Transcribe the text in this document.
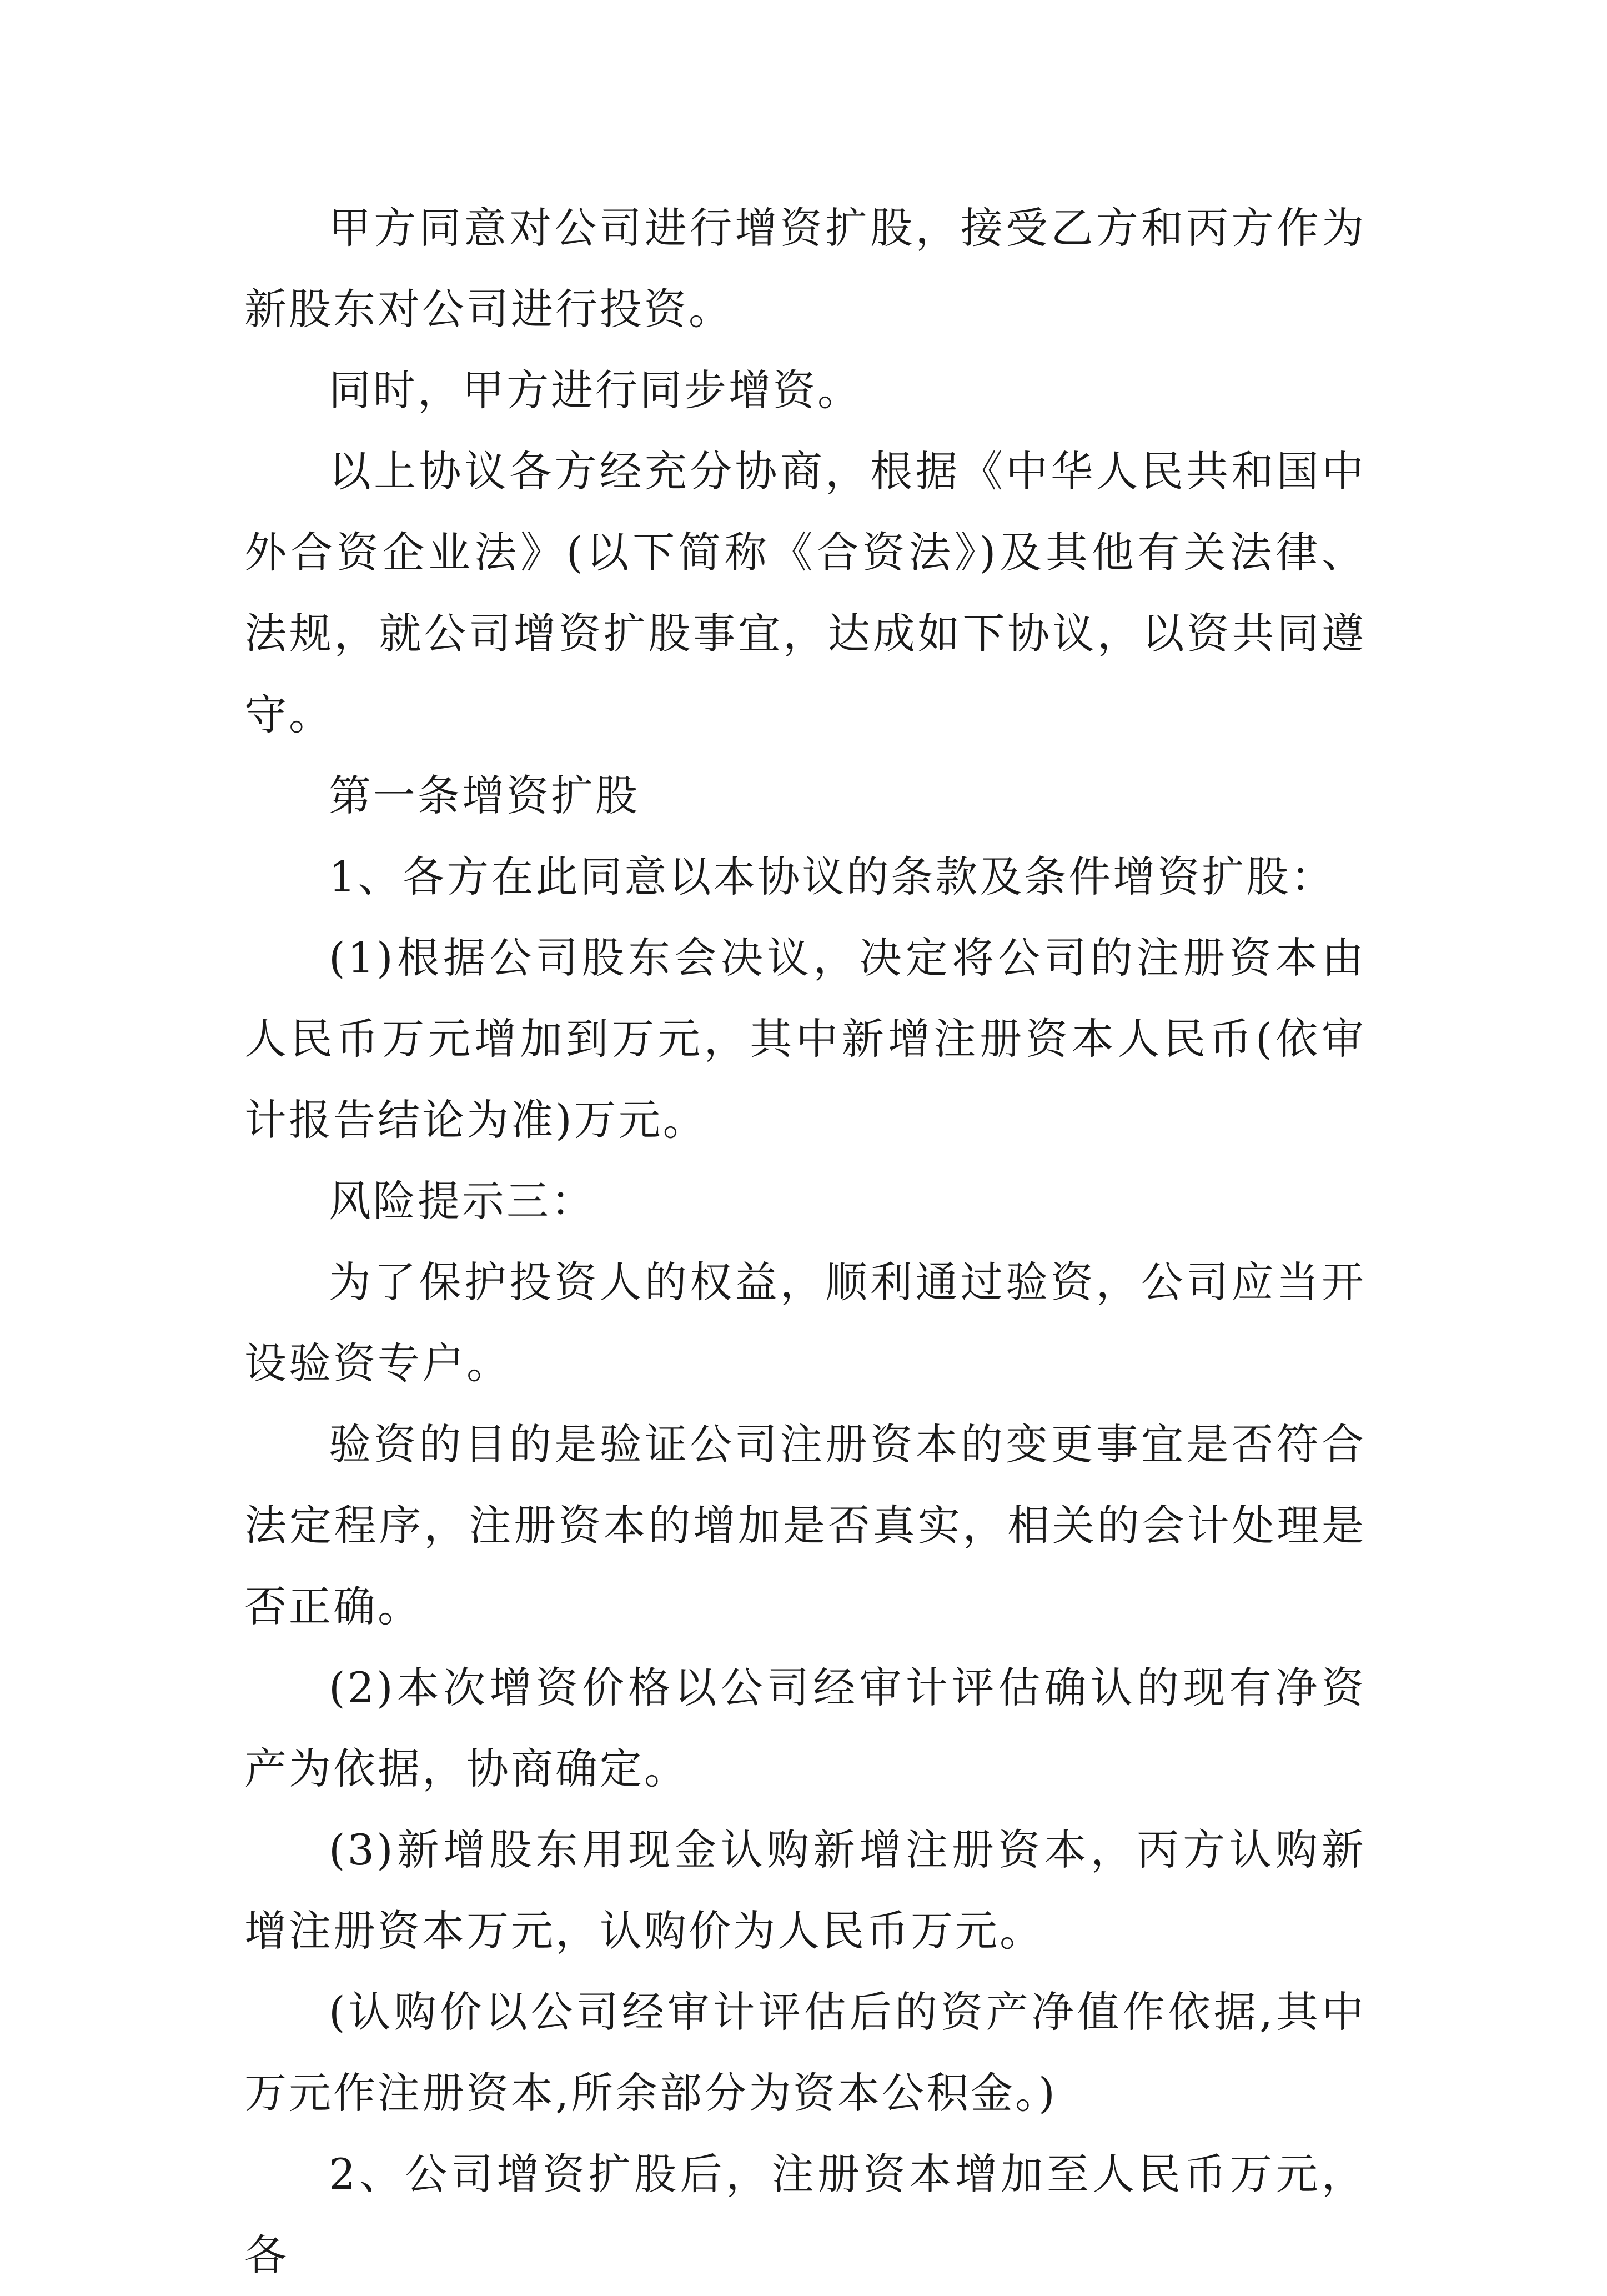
甲方同意对公司进行增资扩股，接受乙方和丙方作为新股东对公司进行投资。

同时，甲方进行同步增资。

以上协议各方经充分协商，根据《中华人民共和国中外合资企业法》(以下简称《合资法》)及其他有关法律、法规，就公司增资扩股事宜，达成如下协议，以资共同遵守。

第一条增资扩股

1、各方在此同意以本协议的条款及条件增资扩股：

(1)根据公司股东会决议，决定将公司的注册资本由人民币万元增加到万元，其中新增注册资本人民币(依审计报告结论为准)万元。

风险提示三：

为了保护投资人的权益，顺利通过验资，公司应当开设验资专户。

验资的目的是验证公司注册资本的变更事宜是否符合法定程序，注册资本的增加是否真实，相关的会计处理是否正确。

(2)本次增资价格以公司经审计评估确认的现有净资产为依据，协商确定。

(3)新增股东用现金认购新增注册资本，丙方认购新增注册资本万元，认购价为人民币万元。

(认购价以公司经审计评估后的资产净值作依据,其中万元作注册资本,所余部分为资本公积金。)

2、公司增资扩股后，注册资本增加至人民币万元，各
